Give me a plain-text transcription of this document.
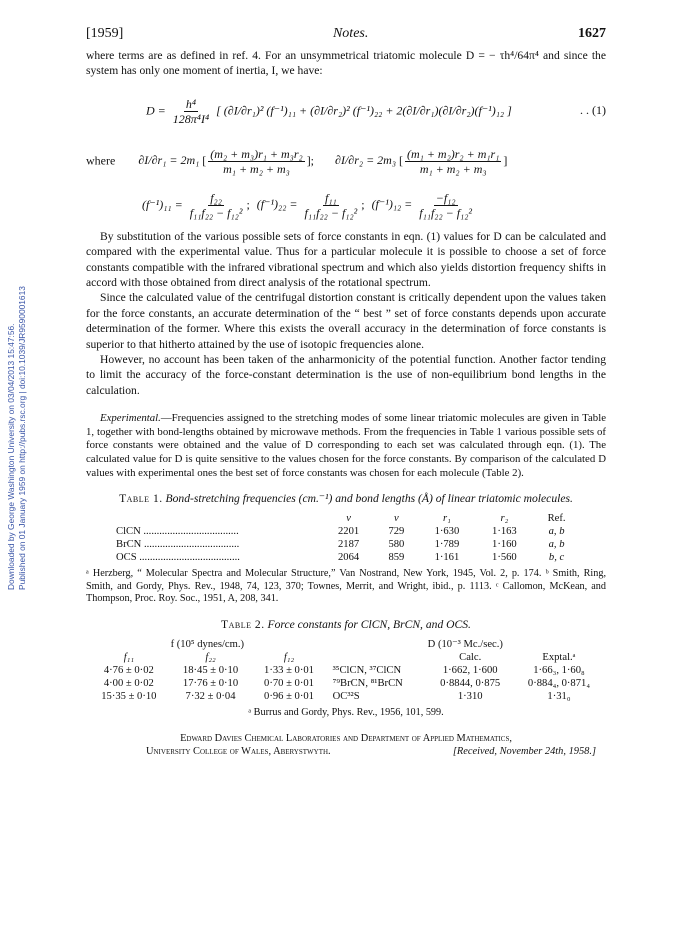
Downloaded by George Washington University on 03/04/2013 15:47:56. Published on 01 January 1959 on http://pubs.rsc.org | doi:10.1039/JR9590001613
[1959]	Notes.	1627

where terms are as defined in ref. 4. For an unsymmetrical triatomic molecule D = − τh⁴/64π⁴ and since the system has only one moment of inertia, I, we have:

$D = \frac{\text{h⁴}}{\text{128π⁴I⁴}}$ [ (∂I/∂r₁)² (f⁻¹)₁₁ + (∂I/∂r₂)² (f⁻¹)₂₂ + 2(∂I/∂r₁)(∂I/∂r₂)(f⁻¹)₁₂ ]	. . (1)
where ∂I/∂r₁ = 2m₁ [ $\frac{\text{(m₂ + m₃)r₁ + m₃r₂}}{\text{m₁ + m₂ + m₃}}$ ]; ∂I/∂r₂ = 2m₃ [ $\frac{\text{(m₁ + m₂)r₂ + m₁r₁}}{\text{m₁ + m₂ + m₃}}$ ]
$(f^{-1})_{11} = \frac{\text{f₂₂}}{\text{f₁₁f₂₂ − f₁₂²}}$ ; $(f^{-1})_{22} = \frac{\text{f₁₁}}{\text{f₁₁f₂₂ − f₁₂²}}$ ; $(f^{-1})_{12} = \frac{\text{−f₁₂}}{\text{f₁₁f₂₂ − f₁₂²}}$

By substitution of the various possible sets of force constants in eqn. (1) values for D can be calculated and compared with the experimental value. Thus for a particular molecule it is possible to choose a set of force constants compatible with the infrared vibrational spectrum and which also yields distortion frequency shifts in accord with those obtained from direct analysis of the rotational spectrum.

Since the calculated value of the centrifugal distortion constant is critically dependent upon the values taken for the force constants, an accurate determination of the “ best ” set of force constants depends upon accurate determination of the former. Where this exists the overall accuracy in the determination of force constants is superior to that hitherto attained by the use of isotopic frequencies alone.

However, no account has been taken of the anharmonicity of the potential function. Another factor tending to limit the accuracy of the force-constant determination is the use of non-equilibrium bond lengths in the calculation.

Experimental.—Frequencies assigned to the stretching modes of some linear triatomic molecules are given in Table 1, together with bond-lengths obtained by microwave methods. From the frequencies in Table 1 various possible sets of force constants were obtained and the value of D corresponding to each set was calculated through eqn. (1). The calculated value for D is quite sensitive to the values chosen for the force constants. By comparison of the calculated D values with experimental ones the best set of force constants was chosen for each molecule (Table 2).

Table 1. Bond-stretching frequencies (cm.⁻¹) and bond lengths (Å) of linear triatomic molecules.
	ν	ν	r₁	r₂	Ref.
ClCN ....................................	2201	729	1·630	1·163	a, b
BrCN ....................................	2187	580	1·789	1·160	a, b
OCS ......................................	2064	859	1·161	1·560	b, c
ᵃ Herzberg, “ Molecular Spectra and Molecular Structure,” Van Nostrand, New York, 1945, Vol. 2, p. 174. ᵇ Smith, Ring, Smith, and Gordy, Phys. Rev., 1948, 74, 123, 370; Townes, Merrit, and Wright, ibid., p. 1113. ᶜ Callomon, McKean, and Thompson, Proc. Roy. Soc., 1951, A, 208, 341.
Table 2. Force constants for ClCN, BrCN, and OCS.
f (10⁵ dynes/cm.)			D (10⁻³ Mc./sec.)		
f₁₁	f₂₂	f₁₂		Calc.	Exptal.ᵃ
4·76 ± 0·02	18·45 ± 0·10	1·33 ± 0·01	³⁵ClCN, ³⁷ClCN	1·662, 1·600	1·66₃, 1·60₈
4·00 ± 0·02	17·76 ± 0·10	0·70 ± 0·01	⁷⁹BrCN, ⁸¹BrCN	0·8844, 0·875	0·884₄, 0·871₄
15·35 ± 0·10	7·32 ± 0·04	0·96 ± 0·01	OC³²S	1·310	1·31₀
ᵃ Burrus and Gordy, Phys. Rev., 1956, 101, 599.
Edward Davies Chemical Laboratories and Department of Applied Mathematics,
University College of Wales, Aberystwyth.	[Received, November 24th, 1958.]
